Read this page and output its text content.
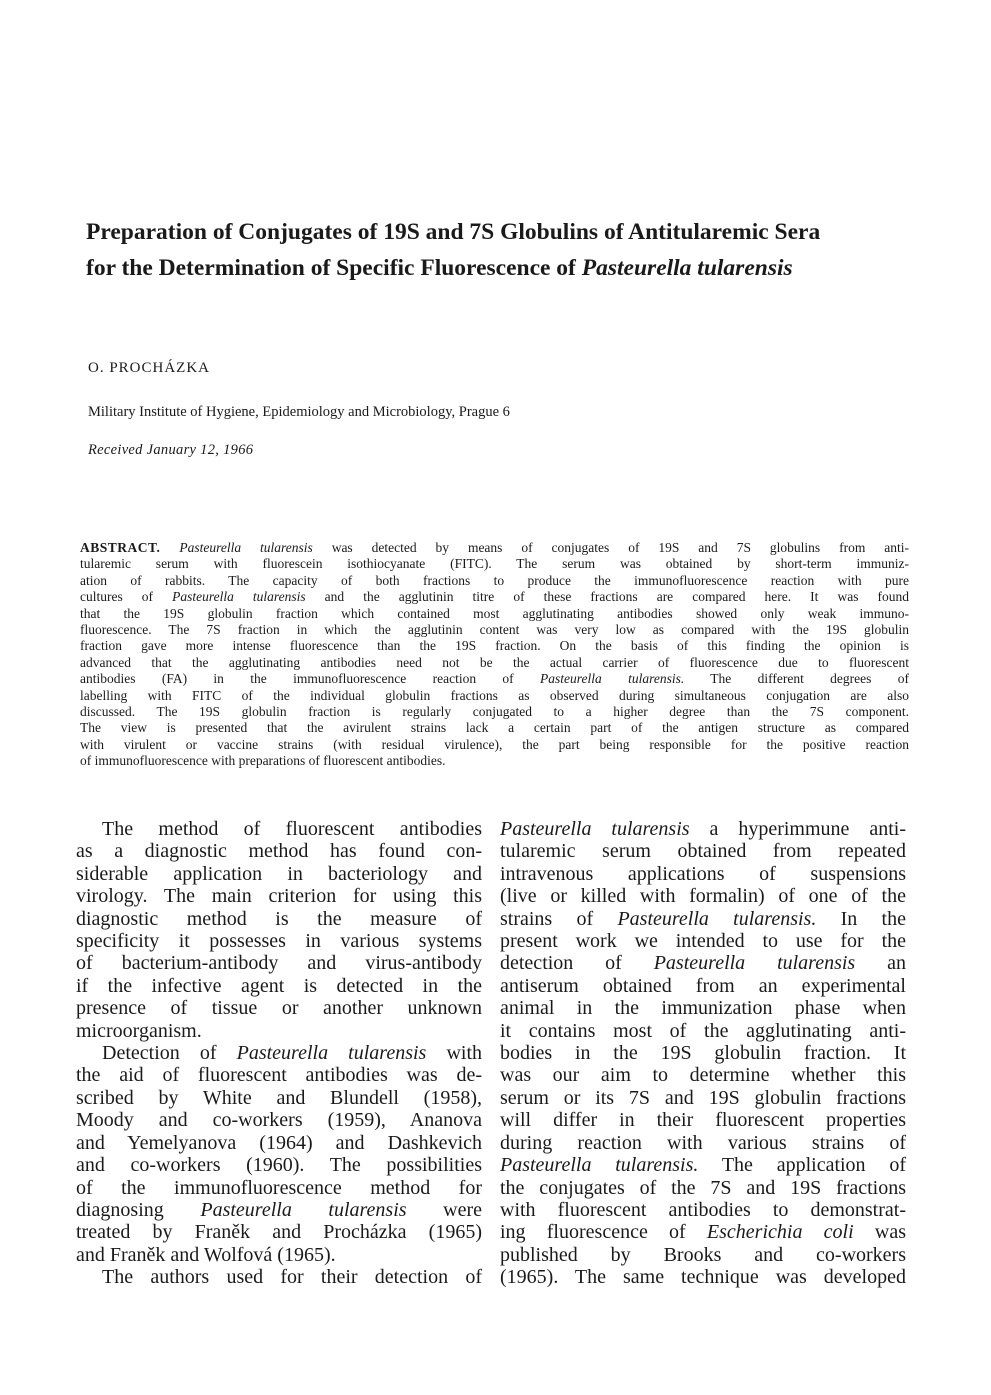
Preparation of Conjugates of 19S and 7S Globulins of Antitularemic Sera
for the Determination of Specific Fluorescence of Pasteurella tularensis

O. PROCHÁZKA

Military Institute of Hygiene, Epidemiology and Microbiology, Prague 6

Received January 12, 1966

ABSTRACT. Pasteurella tularensis was detected by means of conjugates of 19S and 7S globulins from anti-
tularemic serum with fluorescein isothiocyanate (FITC). The serum was obtained by short-term immuniz-
ation of rabbits. The capacity of both fractions to produce the immunofluorescence reaction with pure
cultures of Pasteurella tularensis and the agglutinin titre of these fractions are compared here. It was found
that the 19S globulin fraction which contained most agglutinating antibodies showed only weak immuno-
fluorescence. The 7S fraction in which the agglutinin content was very low as compared with the 19S globulin
fraction gave more intense fluorescence than the 19S fraction. On the basis of this finding the opinion is
advanced that the agglutinating antibodies need not be the actual carrier of fluorescence due to fluorescent
antibodies (FA) in the immunofluorescence reaction of Pasteurella tularensis. The different degrees of
labelling with FITC of the individual globulin fractions as observed during simultaneous conjugation are also
discussed. The 19S globulin fraction is regularly conjugated to a higher degree than the 7S component.
The view is presented that the avirulent strains lack a certain part of the antigen structure as compared
with virulent or vaccine strains (with residual virulence), the part being responsible for the positive reaction
of immunofluorescence with preparations of fluorescent antibodies.
The method of fluorescent antibodies
as a diagnostic method has found con-
siderable application in bacteriology and
virology. The main criterion for using this
diagnostic method is the measure of
specificity it possesses in various systems
of bacterium-antibody and virus-antibody
if the infective agent is detected in the
presence of tissue or another unknown
microorganism.
Detection of Pasteurella tularensis with
the aid of fluorescent antibodies was de-
scribed by White and Blundell (1958),
Moody and co-workers (1959), Ananova
and Yemelyanova (1964) and Dashkevich
and co-workers (1960). The possibilities
of the immunofluorescence method for
diagnosing Pasteurella tularensis were
treated by Franěk and Procházka (1965)
and Franěk and Wolfová (1965).
The authors used for their detection of
Pasteurella tularensis a hyperimmune anti-
tularemic serum obtained from repeated
intravenous applications of suspensions
(live or killed with formalin) of one of the
strains of Pasteurella tularensis. In the
present work we intended to use for the
detection of Pasteurella tularensis an
antiserum obtained from an experimental
animal in the immunization phase when
it contains most of the agglutinating anti-
bodies in the 19S globulin fraction. It
was our aim to determine whether this
serum or its 7S and 19S globulin fractions
will differ in their fluorescent properties
during reaction with various strains of
Pasteurella tularensis. The application of
the conjugates of the 7S and 19S fractions
with fluorescent antibodies to demonstrat-
ing fluorescence of Escherichia coli was
published by Brooks and co-workers
(1965). The same technique was developed
